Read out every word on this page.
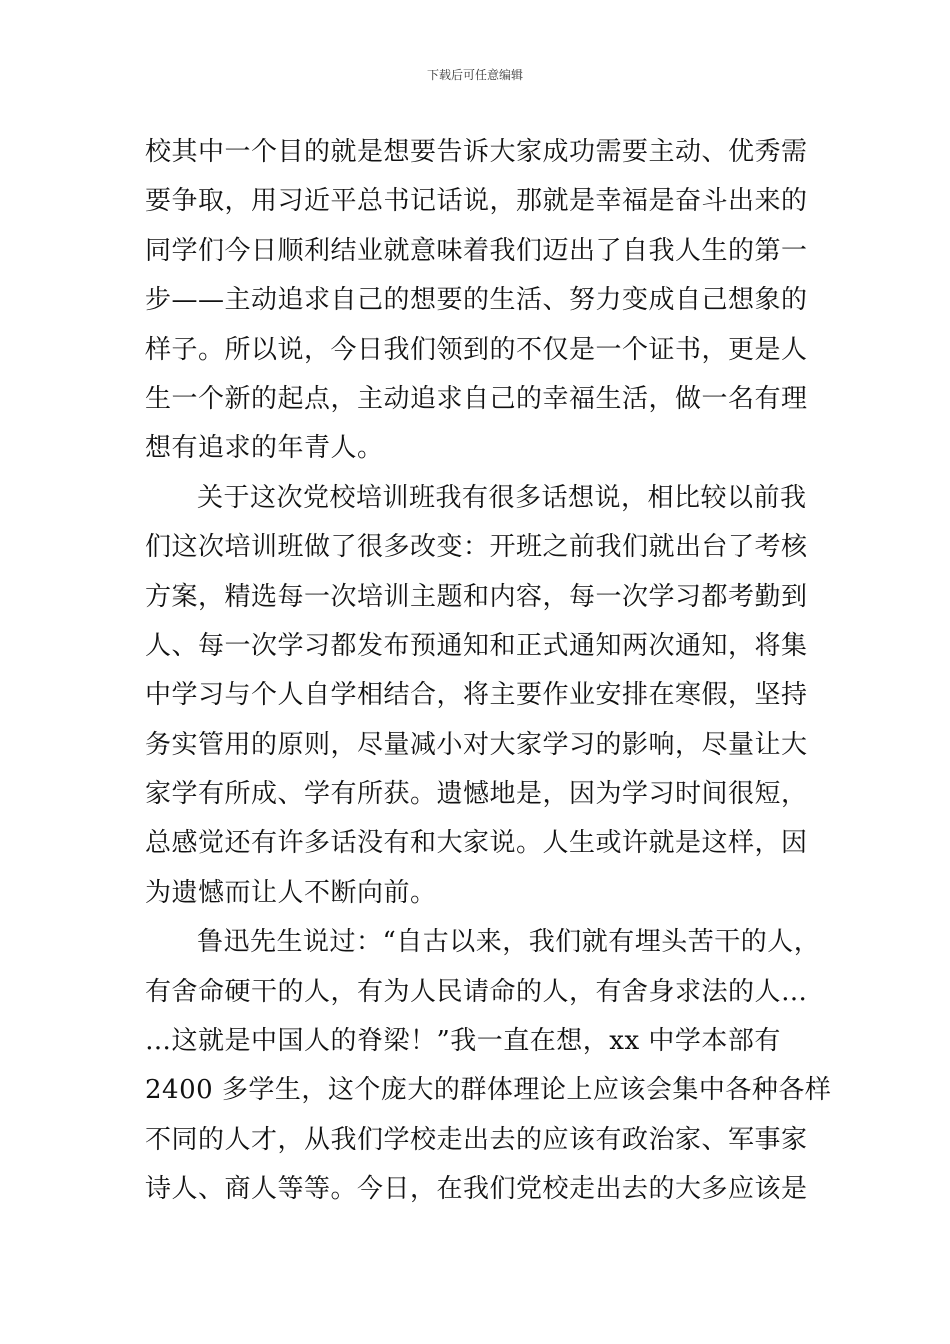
下载后可任意编辑
校其中一个目的就是想要告诉大家成功需要主动、优秀需
要争取，用习近平总书记话说，那就是幸福是奋斗出来的
同学们今日顺利结业就意味着我们迈出了自我人生的第一
步——主动追求自己的想要的生活、努力变成自己想象的
样子。所以说，今日我们领到的不仅是一个证书，更是人
生一个新的起点，主动追求自己的幸福生活，做一名有理
想有追求的年青人。
关于这次党校培训班我有很多话想说，相比较以前我
们这次培训班做了很多改变：开班之前我们就出台了考核
方案，精选每一次培训主题和内容，每一次学习都考勤到
人、每一次学习都发布预通知和正式通知两次通知，将集
中学习与个人自学相结合，将主要作业安排在寒假，坚持
务实管用的原则，尽量减小对大家学习的影响，尽量让大
家学有所成、学有所获。遗憾地是，因为学习时间很短，
总感觉还有许多话没有和大家说。人生或许就是这样，因
为遗憾而让人不断向前。
鲁迅先生说过：“自古以来，我们就有埋头苦干的人，
有舍命硬干的人，有为人民请命的人，有舍身求法的人…
…这就是中国人的脊梁！”我一直在想，xx 中学本部有
2400 多学生，这个庞大的群体理论上应该会集中各种各样
不同的人才，从我们学校走出去的应该有政治家、军事家
诗人、商人等等。今日，在我们党校走出去的大多应该是
